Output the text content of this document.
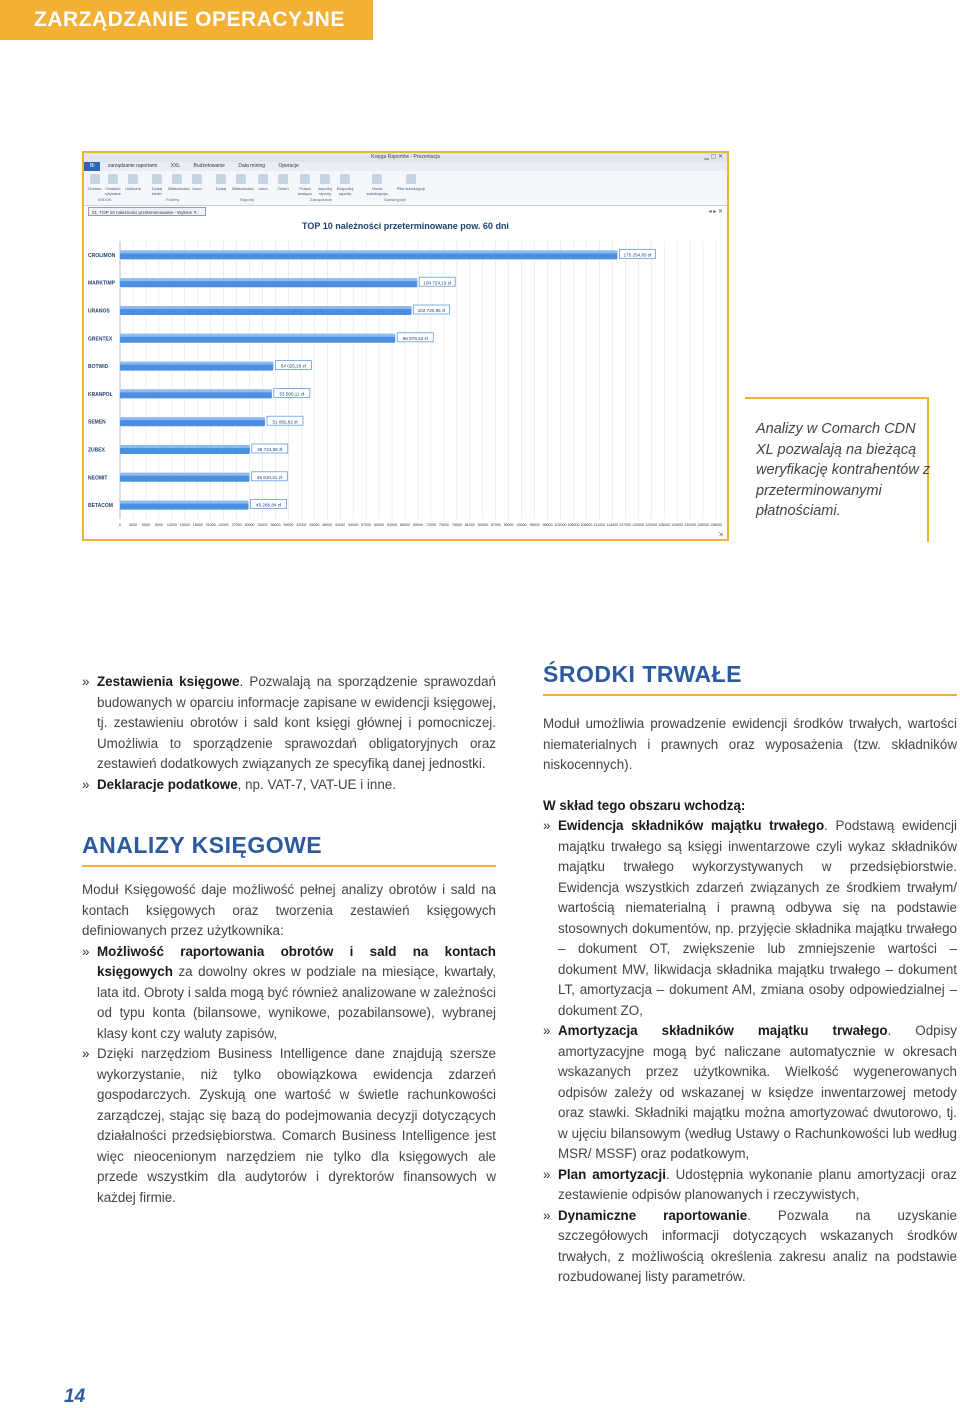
ZARZĄDZANIE OPERACYJNE
Księga Raportów - Prezentacja	▁ ▢ ✕
Bi	zarządzanie raportami	XXL	Budżetowanie	Data mining	Operacje
Drzewo Ostatnio używane
Ulubione	Dodaj folder
Właściwości Usuń	Dodaj	Właściwości	Usuń	Zmień	Prawa dostępu
Importuj raporty
Eksportuj raporty
Nowa subskrypcja
Pliki subskrypcji
WIDOK	Foldery	Raporty	Zarządzanie	Subskrypcje
01. TOP 10 należności przeterminowane - Wykres ✕	◂ ▸ ✕
TOP 10 należności przeterminowane pow. 60 dni
0 3000 6000 9000 12000 15000 18000 21000 24000 27000 30000 33000 36000 39000 42000 45000 48000 51000 54000 57000 60000 63000 66000 69000 72000 75000 78000 81000 84000 87000 90000 93000 96000 99000 102000 105000 108000 111000 114000 117000 120000 123000 126000 129000 132000 135000 138000
CROLIMON	175 254,83 zł
MARKTIMP	104 724,19 zł
URANOS	102 720,95 zł
GRENTEX	96 979,22 zł
BOTWID	54 025,26 zł
KRANPOL	53 500,11 zł
SEMEN	51 082,62 zł
ZUBEX	45 724,58 zł
NEOMIT	45 610,31 zł
BETACOM	45 288,84 zł
⇲
Analizy w Comarch CDN XL pozwalają na bieżącą weryfikację kontrahentów z przeterminowanymi płatnościami.

» Zestawienia księgowe. Pozwalają na sporządzenie sprawozdań budowanych w oparciu informacje zapisane w ewidencji księgowej, tj. zestawieniu obrotów i sald kont księgi głównej i pomocniczej. Umożliwia to sporządzenie sprawozdań obligatoryjnych oraz zestawień dodatkowych związanych ze specyfiką danej jednostki.

» Deklaracje podatkowe, np. VAT-7, VAT-UE i inne.

ANALIZY KSIĘGOWE

Moduł Księgowość daje możliwość pełnej analizy obrotów i sald na kontach księgowych oraz tworzenia zestawień księgowych definiowanych przez użytkownika:

» Możliwość raportowania obrotów i sald na kontach księgowych za dowolny okres w podziale na miesiące, kwartały, lata itd. Obroty i salda mogą być również analizowane w zależności od typu konta (bilansowe, wynikowe, pozabilansowe), wybranej klasy kont czy waluty zapisów,

» Dzięki narzędziom Business Intelligence dane znajdują szersze wykorzystanie, niż tylko obowiązkowa ewidencja zdarzeń gospodarczych. Zyskują one wartość w świetle rachunkowości zarządczej, stając się bazą do podejmowania decyzji dotyczących działalności przedsiębiorstwa. Comarch Business Intelligence jest więc nieocenionym narzędziem nie tylko dla księgowych ale przede wszystkim dla audytorów i dyrektorów finansowych w każdej firmie.

ŚRODKI TRWAŁE

Moduł umożliwia prowadzenie ewidencji środków trwałych, wartości niematerialnych i prawnych oraz wyposażenia (tzw. składników niskocennych).

W skład tego obszaru wchodzą:

» Ewidencja składników majątku trwałego. Podstawą ewidencji majątku trwałego są księgi inwentarzowe czyli wykaz składników majątku trwałego wykorzystywanych w przedsiębiorstwie. Ewidencja wszystkich zdarzeń związanych ze środkiem trwałym/ wartością niematerialną i prawną odbywa się na podstawie stosownych dokumentów, np. przyjęcie składnika majątku trwałego – dokument OT, zwiększenie lub zmniejszenie wartości – dokument MW, likwidacja składnika majątku trwałego – dokument LT, amortyzacja – dokument AM, zmiana osoby odpowiedzialnej – dokument ZO,

» Amortyzacja składników majątku trwałego. Odpisy amortyzacyjne mogą być naliczane automatycznie w okresach wskazanych przez użytkownika. Wielkość wygenerowanych odpisów zależy od wskazanej w księdze inwentarzowej metody oraz stawki. Składniki majątku można amortyzować dwutorowo, tj. w ujęciu bilansowym (według Ustawy o Rachunkowości lub według MSR/ MSSF) oraz podatkowym,

» Plan amortyzacji. Udostępnia wykonanie planu amortyzacji oraz zestawienie odpisów planowanych i rzeczywistych,

» Dynamiczne raportowanie. Pozwala na uzyskanie szczegółowych informacji dotyczących wskazanych środków trwałych, z możliwością określenia zakresu analiz na podstawie rozbudowanej listy parametrów.

14
